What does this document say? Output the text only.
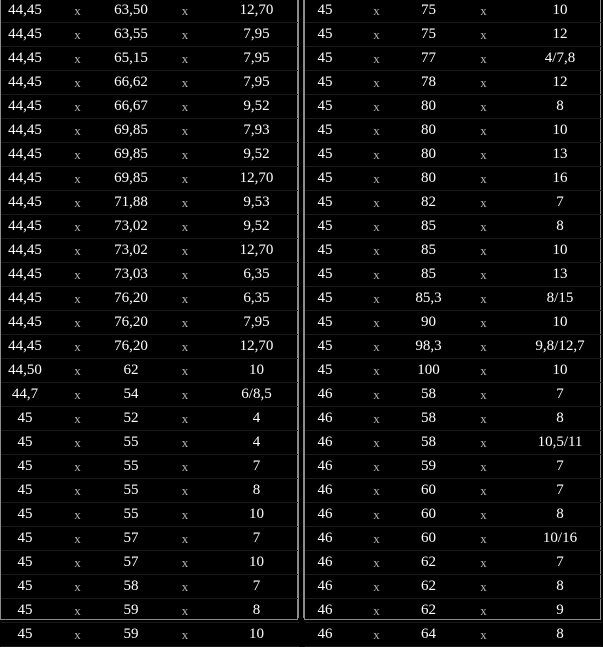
44,45	x	63,50	x	12,70
44,45	x	63,55	x	7,95
44,45	x	65,15	x	7,95
44,45	x	66,62	x	7,95
44,45	x	66,67	x	9,52
44,45	x	69,85	x	7,93
44,45	x	69,85	x	9,52
44,45	x	69,85	x	12,70
44,45	x	71,88	x	9,53
44,45	x	73,02	x	9,52
44,45	x	73,02	x	12,70
44,45	x	73,03	x	6,35
44,45	x	76,20	x	6,35
44,45	x	76,20	x	7,95
44,45	x	76,20	x	12,70
44,50	x	62	x	10
44,7	x	54	x	6/8,5
45	x	52	x	4
45	x	55	x	4
45	x	55	x	7
45	x	55	x	8
45	x	55	x	10
45	x	57	x	7
45	x	57	x	10
45	x	58	x	7
45	x	59	x	8
45	x	59	x	10
45	x	75	x	10
45	x	75	x	12
45	x	77	x	4/7,8
45	x	78	x	12
45	x	80	x	8
45	x	80	x	10
45	x	80	x	13
45	x	80	x	16
45	x	82	x	7
45	x	85	x	8
45	x	85	x	10
45	x	85	x	13
45	x	85,3	x	8/15
45	x	90	x	10
45	x	98,3	x	9,8/12,7
45	x	100	x	10
46	x	58	x	7
46	x	58	x	8
46	x	58	x	10,5/11
46	x	59	x	7
46	x	60	x	7
46	x	60	x	8
46	x	60	x	10/16
46	x	62	x	7
46	x	62	x	8
46	x	62	x	9
46	x	64	x	8
